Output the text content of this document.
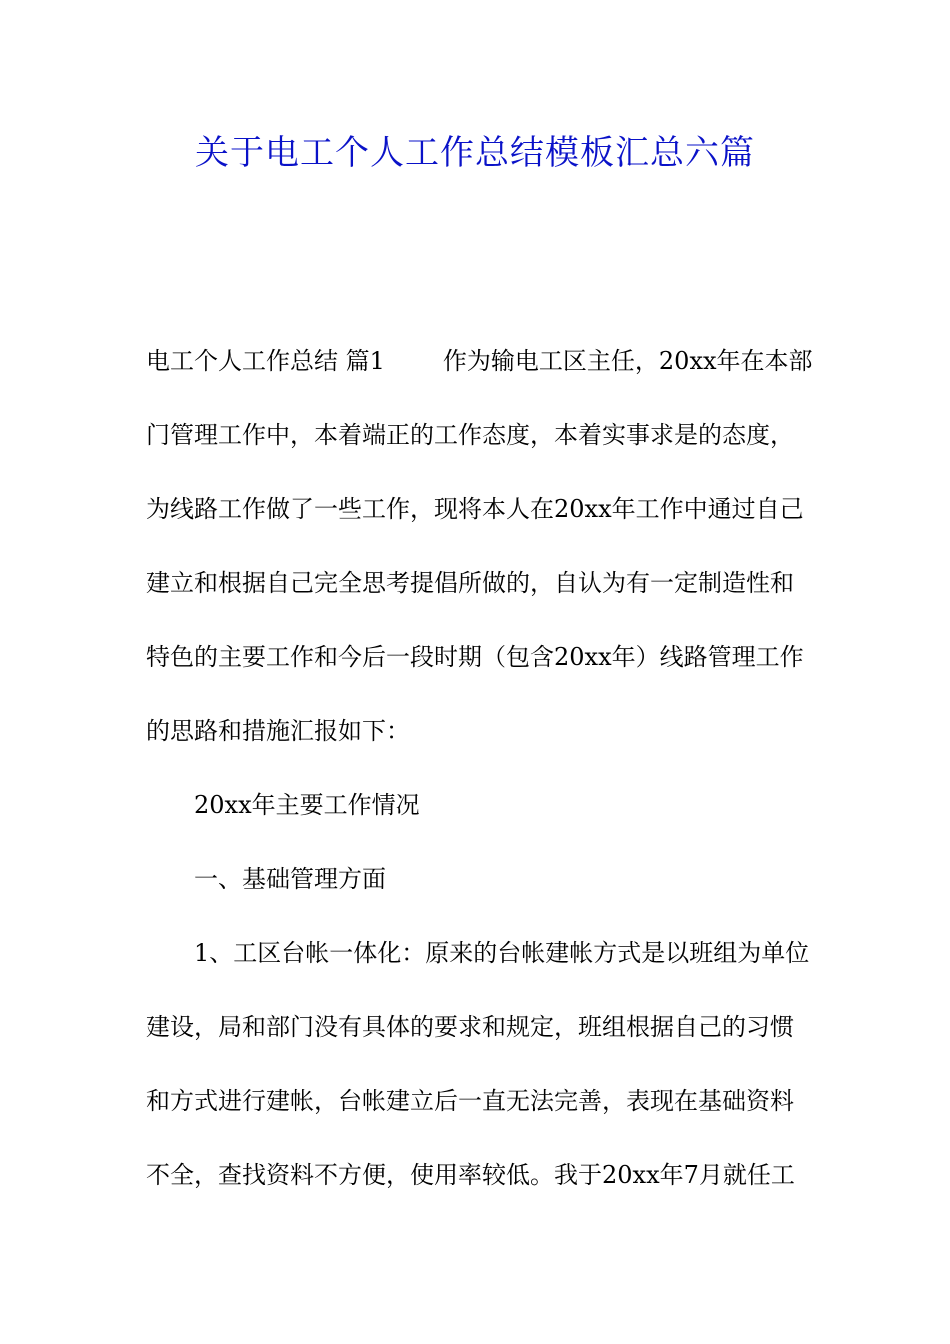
关于电工个人工作总结模板汇总六篇
电工个人工作总结 篇1 作为输电工区主任，20xx年在本部
门管理工作中，本着端正的工作态度，本着实事求是的态度，
为线路工作做了一些工作，现将本人在20xx年工作中通过自己
建立和根据自己完全思考提倡所做的，自认为有一定制造性和
特色的主要工作和今后一段时期（包含20xx年）线路管理工作
的思路和措施汇报如下：
20xx年主要工作情况
一、基础管理方面
1、工区台帐一体化：原来的台帐建帐方式是以班组为单位
建设，局和部门没有具体的要求和规定，班组根据自己的习惯
和方式进行建帐，台帐建立后一直无法完善，表现在基础资料
不全，查找资料不方便，使用率较低。我于20xx年7月就任工
